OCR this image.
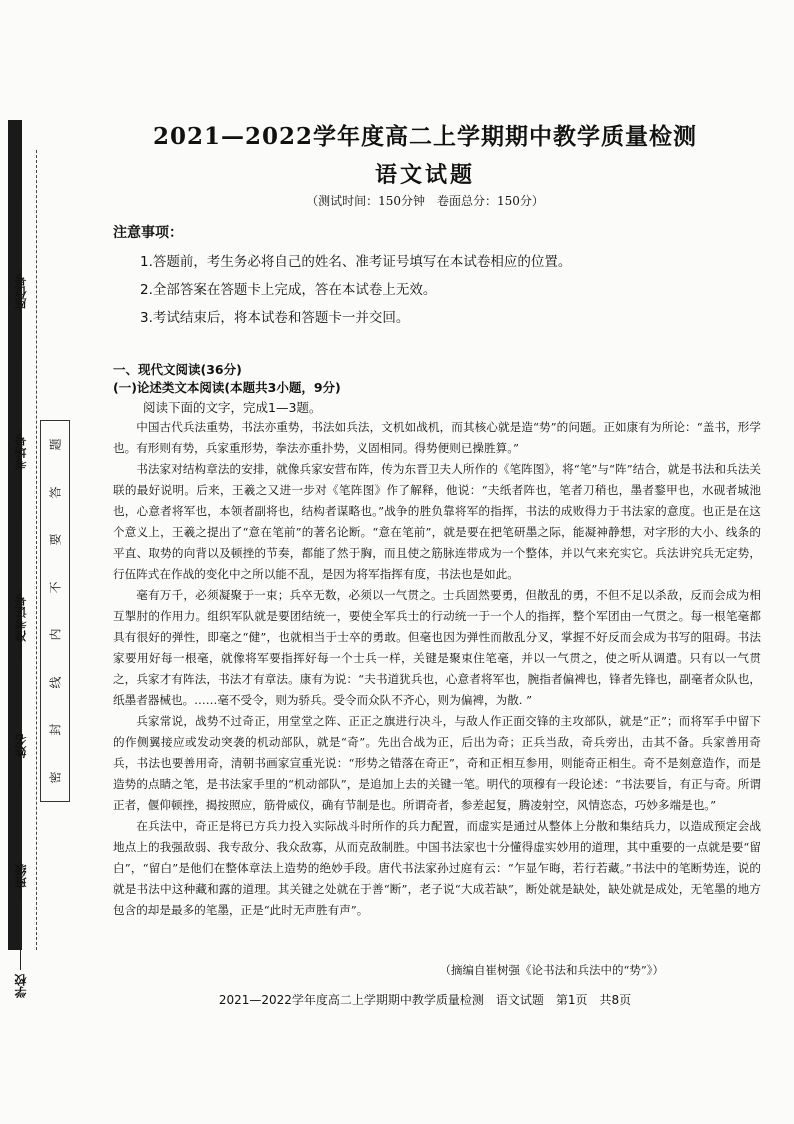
座位号
考场号
准考证号
姓名
班级
学校
密
封
线
内
不
要
答
题
2021—2022学年度高二上学期期中教学质量检测
语文试题
（测试时间：150分钟　卷面总分：150分）
注意事项：
1.答题前，考生务必将自己的姓名、准考证号填写在本试卷相应的位置。
2.全部答案在答题卡上完成，答在本试卷上无效。
3.考试结束后，将本试卷和答题卡一并交回。
一、现代文阅读(36分)
(一)论述类文本阅读(本题共3小题，9分)
阅读下面的文字，完成1—3题。

中国古代兵法重势，书法亦重势，书法如兵法，文机如战机，而其核心就是造“势”的问题。正如康有为所论：“盖书，形学也。有形则有势，兵家重形势，拳法亦重扑势，义固相同。得势便则已操胜算。”

书法家对结构章法的安排，就像兵家安营布阵，传为东晋卫夫人所作的《笔阵图》，将“笔”与“阵”结合，就是书法和兵法关联的最好说明。后来，王羲之又进一步对《笔阵图》作了解释，他说：“夫纸者阵也，笔者刀稍也，墨者鍪甲也，水砚者城池也，心意者将军也，本领者副将也，结构者谋略也。”战争的胜负靠将军的指挥，书法的成败得力于书法家的意度。也正是在这个意义上，王羲之提出了“意在笔前”的著名论断。“意在笔前”，就是要在把笔研墨之际，能凝神静想，对字形的大小、线条的平直、取势的向背以及顿挫的节奏，都能了然于胸，而且使之筋脉连带成为一个整体，并以气来充实它。兵法讲究兵无定势，行伍阵式在作战的变化中之所以能不乱，是因为将军指挥有度，书法也是如此。

毫有万千，必须凝聚于一束；兵卒无数，必须以一气贯之。士兵固然要勇，但散乱的勇，不但不足以杀敌，反而会成为相互掣肘的作用力。组织军队就是要团结统一，要使全军兵士的行动统一于一个人的指挥，整个军团由一气贯之。每一根笔毫都具有很好的弹性，即毫之“健”，也就相当于士卒的勇敢。但毫也因为弹性而散乱分叉，掌握不好反而会成为书写的阻碍。书法家要用好每一根毫，就像将军要指挥好每一个士兵一样，关键是聚束住笔毫，并以一气贯之，使之听从调遣。只有以一气贯之，兵家才有阵法，书法才有章法。康有为说：“夫书道犹兵也，心意者将军也，腕指者偏裨也，锋者先锋也，副毫者众队也，纸墨者器械也。……毫不受令，则为骄兵。受令而众队不齐心，则为偏裨，为散. ”

兵家常说，战势不过奇正，用堂堂之阵、正正之旗进行决斗，与敌人作正面交锋的主攻部队，就是“正”；而将军手中留下的作侧翼接应或发动突袭的机动部队，就是“奇”。先出合战为正，后出为奇；正兵当敌，奇兵旁出，击其不备。兵家善用奇兵，书法也要善用奇，清朝书画家宣重光说：“形势之错落在奇正”，奇和正相互参用，则能奇正相生。奇不是刻意造作，而是造势的点睛之笔，是书法家手里的“机动部队”，是追加上去的关键一笔。明代的项穆有一段论述：“书法要旨，有正与奇。所谓正者，偃仰顿挫，揭按照应，筋骨威仪，确有节制是也。所谓奇者，参差起复，腾凌射空，风情恣态，巧妙多端是也。”

在兵法中，奇正是将已方兵力投入实际战斗时所作的兵力配置，而虚实是通过从整体上分散和集结兵力，以造成预定会战地点上的我强敌弱、我专敌分、我众敌寡，从而克敌制胜。中国书法家也十分懂得虚实妙用的道理，其中重要的一点就是要“留白”，“留白”是他们在整体章法上造势的绝妙手段。唐代书法家孙过庭有云：“乍显乍晦，若行若藏。”书法中的笔断势连，说的就是书法中这种藏和露的道理。其关键之处就在于善“断”，老子说“大成若缺”，断处就是缺处，缺处就是成处，无笔墨的地方包含的却是最多的笔墨，正是“此时无声胜有声”。

（摘编自崔树强《论书法和兵法中的“势”》）
2021—2022学年度高二上学期期中教学质量检测　语文试题　第1页　共8页
